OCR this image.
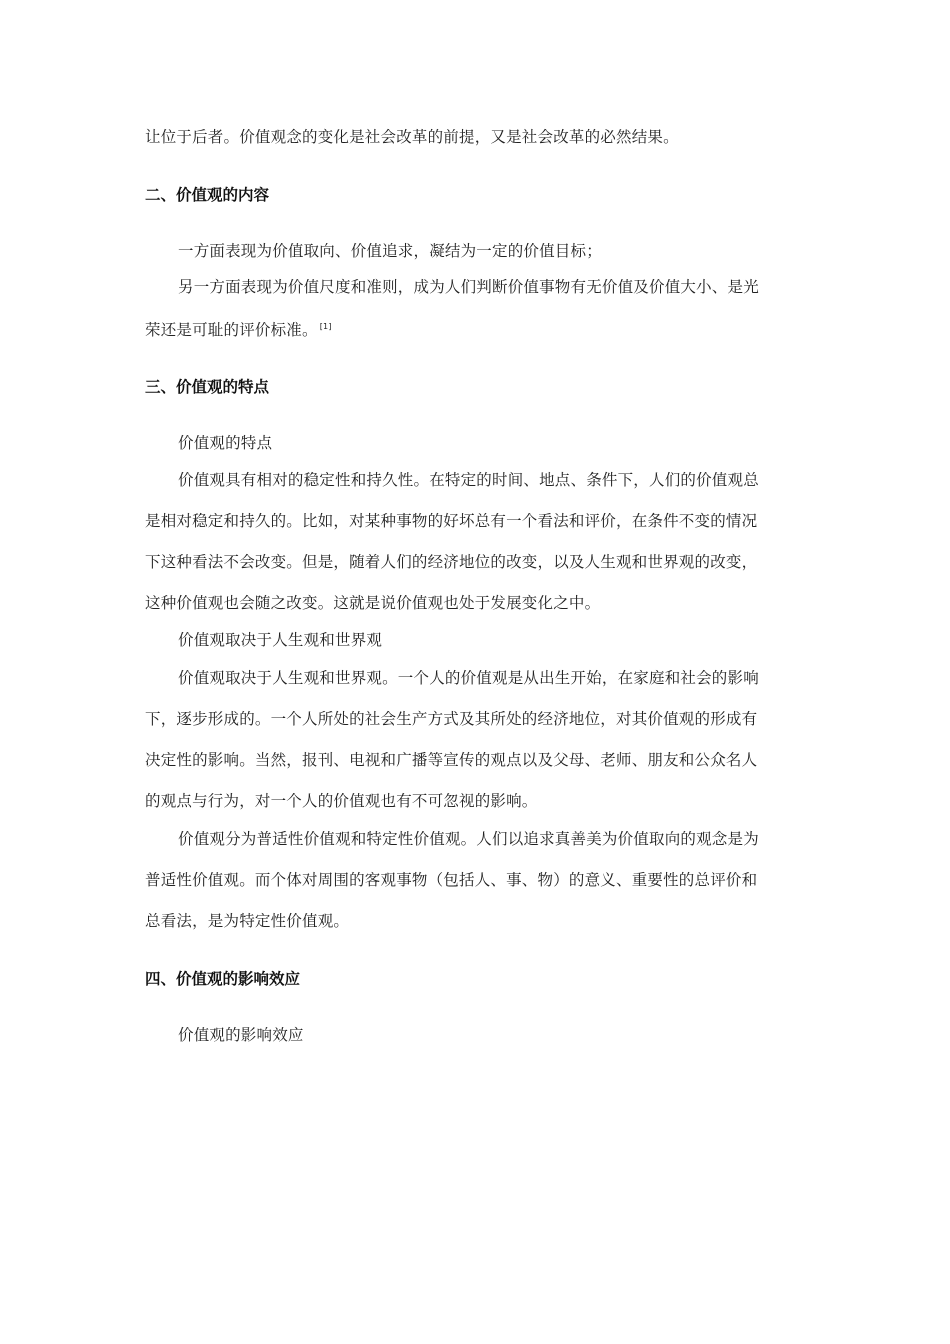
让位于后者。价值观念的变化是社会改革的前提，又是社会改革的必然结果。
二、价值观的内容
一方面表现为价值取向、价值追求，凝结为一定的价值目标；
另一方面表现为价值尺度和准则，成为人们判断价值事物有无价值及价值大小、是光
荣还是可耻的评价标准。 [1]
三、价值观的特点
价值观的特点
价值观具有相对的稳定性和持久性。在特定的时间、地点、条件下，人们的价值观总
是相对稳定和持久的。比如，对某种事物的好坏总有一个看法和评价，在条件不变的情况
下这种看法不会改变。但是，随着人们的经济地位的改变，以及人生观和世界观的改变，
这种价值观也会随之改变。这就是说价值观也处于发展变化之中。
价值观取决于人生观和世界观
价值观取决于人生观和世界观。一个人的价值观是从出生开始，在家庭和社会的影响
下，逐步形成的。一个人所处的社会生产方式及其所处的经济地位，对其价值观的形成有
决定性的影响。当然，报刊、电视和广播等宣传的观点以及父母、老师、朋友和公众名人
的观点与行为，对一个人的价值观也有不可忽视的影响。
价值观分为普适性价值观和特定性价值观。人们以追求真善美为价值取向的观念是为
普适性价值观。而个体对周围的客观事物（包括人、事、物）的意义、重要性的总评价和
总看法，是为特定性价值观。
四、价值观的影响效应
价值观的影响效应
